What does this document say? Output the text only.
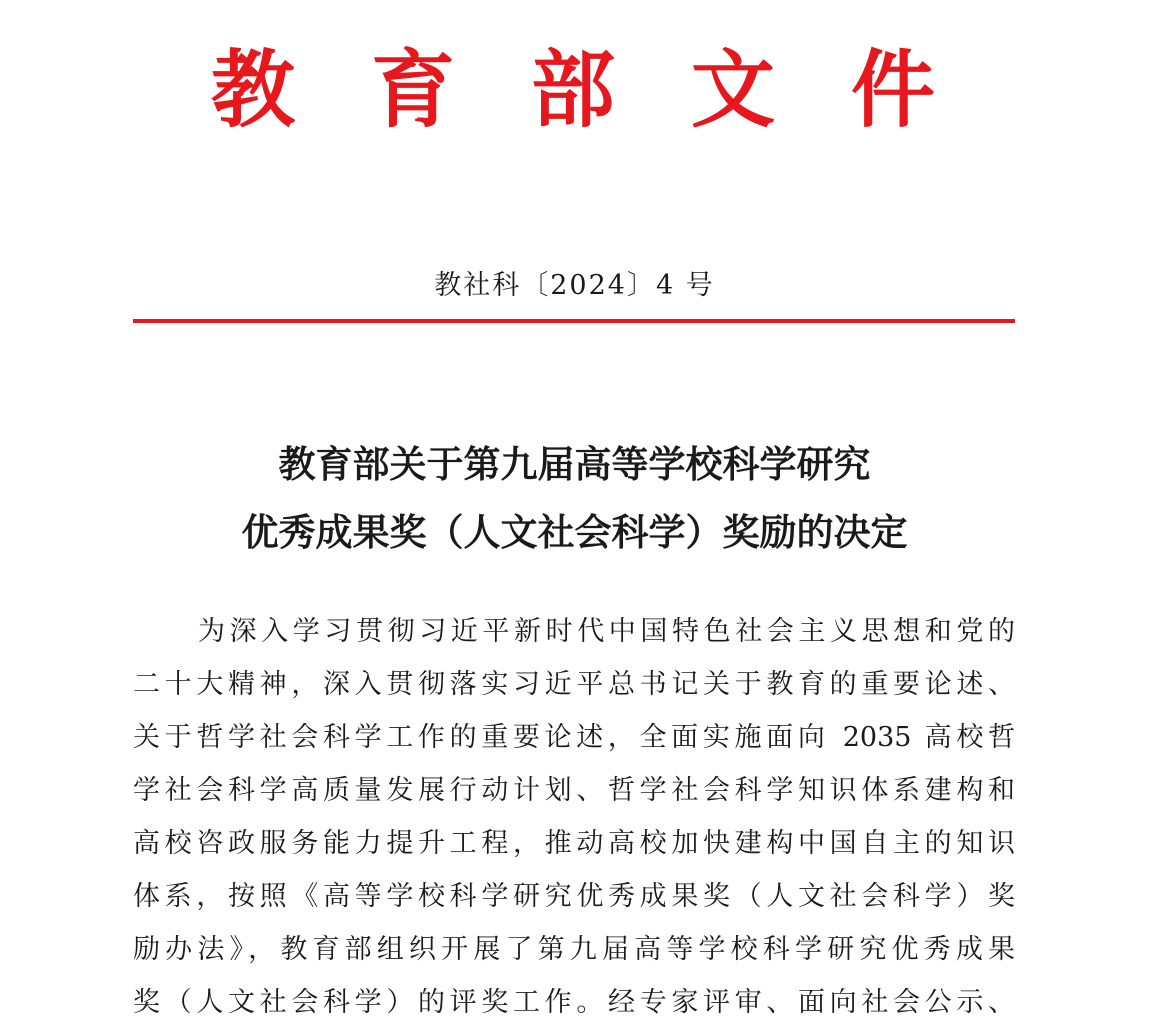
教 育 部 文 件
教社科〔2024〕4 号
教育部关于第九届高等学校科学研究
优秀成果奖（人文社会科学）奖励的决定
为深入学习贯彻习近平新时代中国特色社会主义思想和党的
二十大精神，深入贯彻落实习近平总书记关于教育的重要论述、
关于哲学社会科学工作的重要论述，全面实施面向 2035 高校哲
学社会科学高质量发展行动计划、哲学社会科学知识体系建构和
高校咨政服务能力提升工程，推动高校加快建构中国自主的知识
体系，按照《高等学校科学研究优秀成果奖（人文社会科学）奖
励办法》，教育部组织开展了第九届高等学校科学研究优秀成果
奖（人文社会科学）的评奖工作。经专家评审、面向社会公示、
